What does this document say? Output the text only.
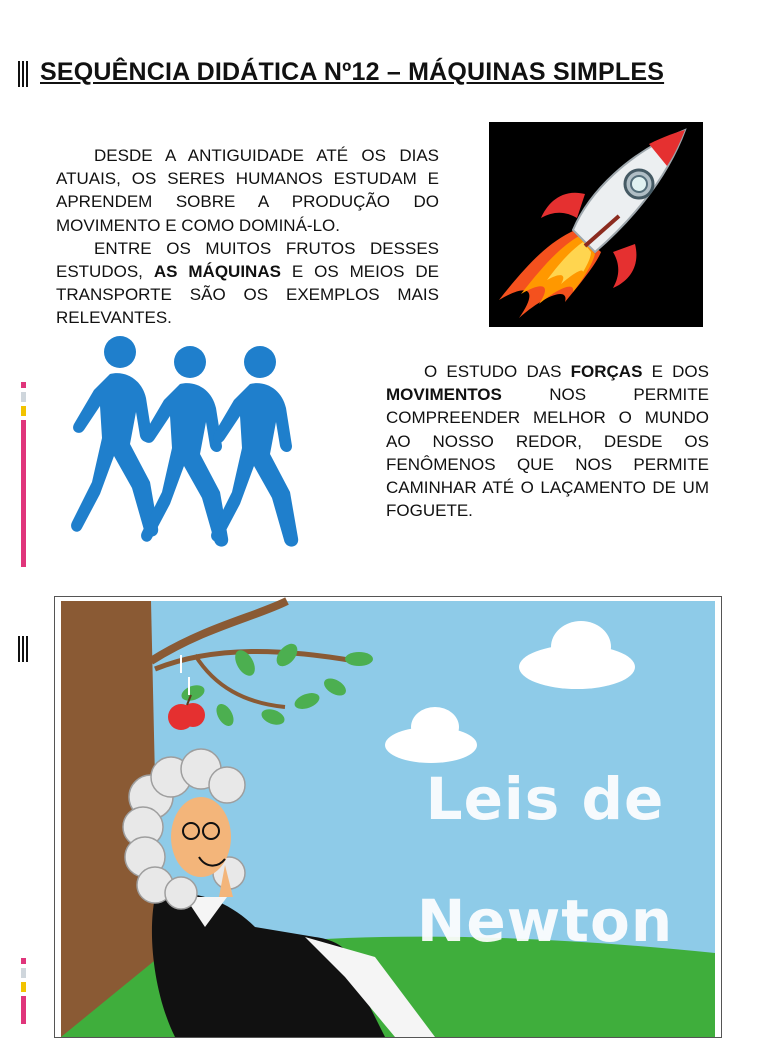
SEQUÊNCIA DIDÁTICA Nº12 – MÁQUINAS SIMPLES
DESDE A ANTIGUIDADE ATÉ OS DIAS ATUAIS, OS SERES HUMANOS ESTUDAM E APRENDEM SOBRE A PRODUÇÃO DO MOVIMENTO E COMO DOMINÁ-LO.
ENTRE OS MUITOS FRUTOS DESSES ESTUDOS, AS MÁQUINAS E OS MEIOS DE TRANSPORTE SÃO OS EXEMPLOS MAIS RELEVANTES.
O ESTUDO DAS FORÇAS E DOS MOVIMENTOS	NOS PERMITE COMPREENDER MELHOR O MUNDO AO NOSSO REDOR, DESDE OS FENÔMENOS QUE NOS PERMITE CAMINHAR ATÉ O LAÇAMENTO DE UM FOGUETE.
Leis de
Newton
